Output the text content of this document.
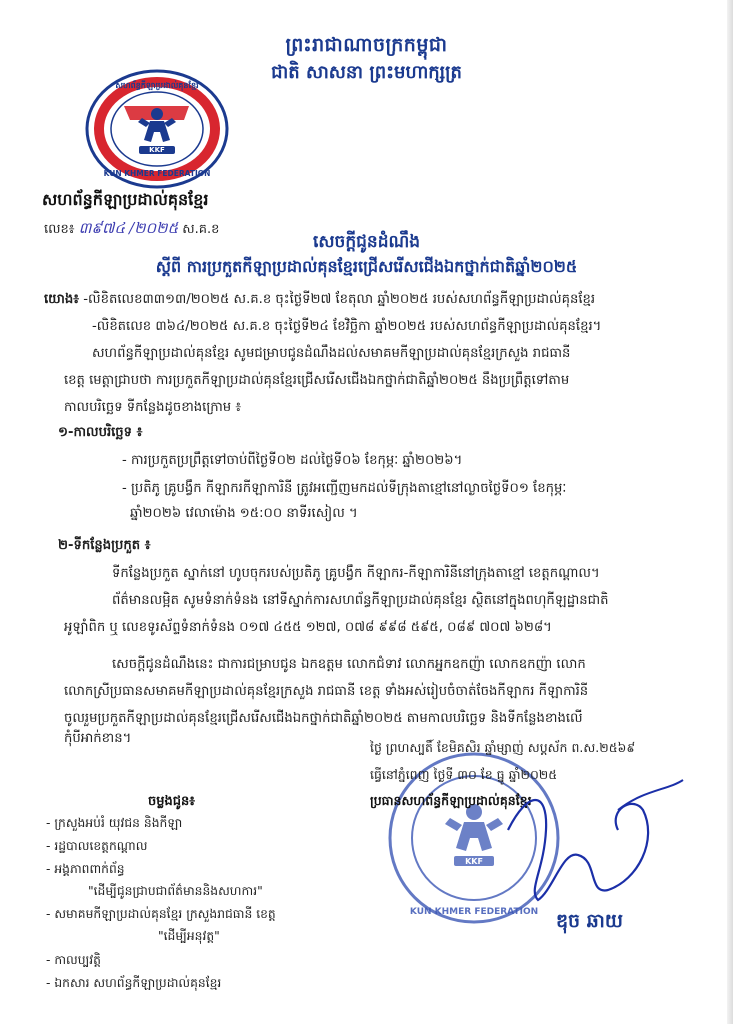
ព្រះរាជាណាចក្រកម្ពុជា
ជាតិ សាសនា ព្រះមហាក្សត្រ
KKF
សហព័ន្ធកីឡាប្រដាល់គុនខ្មែរ
KUN KHMER FEDERATION
សហព័ន្ធកីឡាប្រដាល់គុនខ្មែរ
លេខ៖ ៣៩៧៤ /២០២៥ ស.គ.ខ
សេចក្តីជូនដំណឹង
ស្តីពី ការប្រកួតកីឡាប្រដាល់គុនខ្មែរជ្រើសរើសជើងឯកថ្នាក់ជាតិឆ្នាំ២០២៥
យោង៖ -លិខិតលេខ៣៣១៣/២០២៥ ស.គ.ខ ចុះថ្ងៃទី២៧ ខែតុលា ឆ្នាំ២០២៥ របស់សហព័ន្ធកីឡាប្រដាល់គុនខ្មែរ
-លិខិតលេខ ៣៦៤/២០២៥ ស.គ.ខ ចុះថ្ងៃទី២៤ ខែវិច្ឆិកា ឆ្នាំ២០២៥ របស់សហព័ន្ធកីឡាប្រដាល់គុនខ្មែរ។
សហព័ន្ធកីឡាប្រដាល់គុនខ្មែរ សូមជម្រាបជូនដំណឹងដល់សមាគមកីឡាប្រដាល់គុនខ្មែរក្រសួង រាជធានី
ខេត្ត មេត្តាជ្រាបថា ការប្រកួតកីឡាប្រដាល់គុនខ្មែរជ្រើសរើសជើងឯកថ្នាក់ជាតិឆ្នាំ២០២៥ នឹងប្រព្រឹត្តទៅតាម
កាលបរិច្ឆេទ ទីកន្លែងដូចខាងក្រោម ៖
១-កាលបរិច្ឆេទ ៖
- ការប្រកួតប្រព្រឹត្តទៅចាប់ពីថ្ងៃទី០២ ដល់ថ្ងៃទី០៦ ខែកុម្ភៈ ឆ្នាំ២០២៦។
- ប្រតិភូ គ្រូបង្វឹក កីឡាករកីឡាការិនី ត្រូវអញ្ជើញមកដល់ទីក្រុងតាខ្មៅនៅល្ងាចថ្ងៃទី០១ ខែកុម្ភៈ
ឆ្នាំ២០២៦ វេលាម៉ោង ១៥:០០ នាទីរសៀល ។
២-ទីកន្លែងប្រកួត ៖
ទីកន្លែងប្រកួត ស្នាក់នៅ ហូបចុករបស់ប្រតិភូ គ្រូបង្វឹក កីឡាករ-កីឡាការិនីនៅក្រុងតាខ្មៅ ខេត្តកណ្តាល។
ព័ត៌មានលម្អិត សូមទំនាក់ទំនង នៅទីស្នាក់ការសហព័ន្ធកីឡាប្រដាល់គុនខ្មែរ ស្ថិតនៅក្នុងពហុកីឡដ្ឋានជាតិ
អូឡាំពិក ឬ លេខទូរស័ព្ទទំនាក់ទំនង ០១៧ ៤៥៥ ១២៧, ០៧៨ ៩៩៨ ៥៩៥, ០៨៩ ៧០៧ ៦២៨។
សេចក្តីជូនដំណឹងនេះ ជាការជម្រាបជូន ឯកឧត្តម លោកជំទាវ លោកអ្នកឧកញ៉ា លោកឧកញ៉ា លោក
លោកស្រីប្រធានសមាគមកីឡាប្រដាល់គុនខ្មែរក្រសួង រាជធានី ខេត្ត ទាំងអស់រៀបចំចាត់ចែងកីឡាករ កីឡាការិនី
ចូលរួមប្រកួតកីឡាប្រដាល់គុនខ្មែរជ្រើសរើសជើងឯកថ្នាក់ជាតិឆ្នាំ២០២៥ តាមកាលបរិច្ឆេទ និងទីកន្លែងខាងលើ
កុំបីអាក់ខាន។
KKF
KUN KHMER FEDERATION
ថ្ងៃ ព្រហស្បតិ៍ ខែមិគសិរ ឆ្នាំម្សាញ់ សប្តស័ក ព.ស.២៥៦៩
ធ្វើនៅភ្នំពេញ ថ្ងៃទី ៣០ ខែ ធ្នូ ឆ្នាំ២០២៥
ប្រធានសហព័ន្ធកីឡាប្រដាល់គុនខ្មែរ
ឌុច ឆាយ
ចម្លងជូន៖
- ក្រសួងអប់រំ យុវជន និងកីឡា
- រដ្ឋបាលខេត្តកណ្តាល
- អង្គភាពពាក់ព័ន្ធ
"ដើម្បីជូនជ្រាបជាព័ត៌មាននិងសហការ"
- សមាគមកីឡាប្រដាល់គុនខ្មែរ ក្រសួងរាជធានី ខេត្ត
"ដើម្បីអនុវត្ត"
- កាលប្បវត្តិ
- ឯកសារ សហព័ន្ធកីឡាប្រដាល់គុនខ្មែរ
